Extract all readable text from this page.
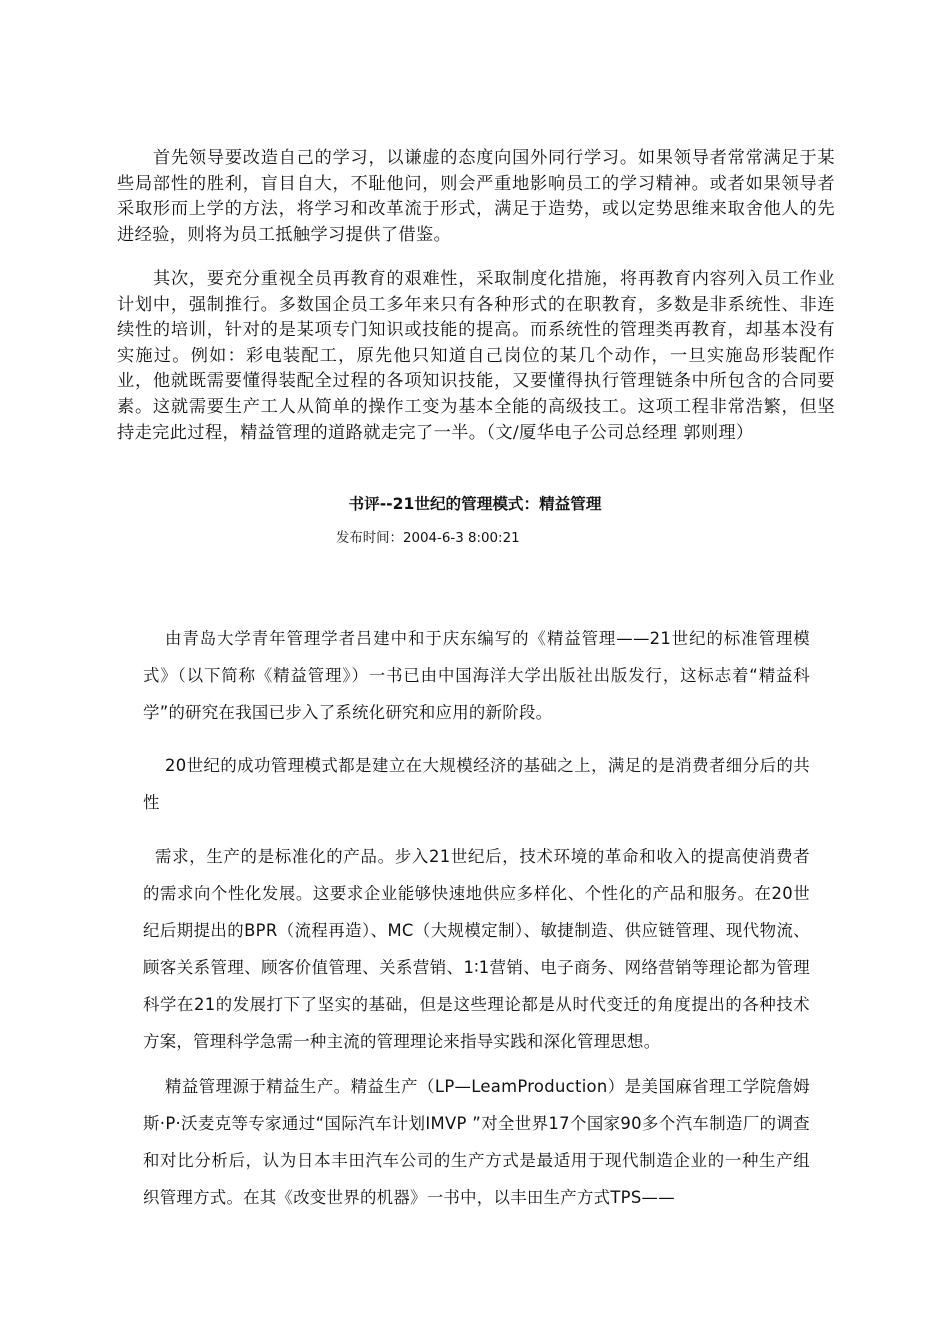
首先领导要改造自己的学习，以谦虚的态度向国外同行学习。如果领导者常常满足于某些局部性的胜利，盲目自大，不耻他问，则会严重地影响员工的学习精神。或者如果领导者采取形而上学的方法，将学习和改革流于形式，满足于造势，或以定势思维来取舍他人的先进经验，则将为员工抵触学习提供了借鉴。

其次，要充分重视全员再教育的艰难性，采取制度化措施，将再教育内容列入员工作业计划中，强制推行。多数国企员工多年来只有各种形式的在职教育，多数是非系统性、非连续性的培训，针对的是某项专门知识或技能的提高。而系统性的管理类再教育，却基本没有实施过。例如：彩电装配工，原先他只知道自己岗位的某几个动作，一旦实施岛形装配作业，他就既需要懂得装配全过程的各项知识技能，又要懂得执行管理链条中所包含的合同要素。这就需要生产工人从简单的操作工变为基本全能的高级技工。这项工程非常浩繁，但坚持走完此过程，精益管理的道路就走完了一半。（文/厦华电子公司总经理 郭则理）

书评--21世纪的管理模式：精益管理

发布时间：2004-6-3 8:00:21

由青岛大学青年管理学者吕建中和于庆东编写的《精益管理——21世纪的标准管理模式》（以下简称《精益管理》）一书已由中国海洋大学出版社出版发行，这标志着“精益科学”的研究在我国已步入了系统化研究和应用的新阶段。

20世纪的成功管理模式都是建立在大规模经济的基础之上，满足的是消费者细分后的共性

需求，生产的是标准化的产品。步入21世纪后，技术环境的革命和收入的提高使消费者的需求向个性化发展。这要求企业能够快速地供应多样化、个性化的产品和服务。在20世纪后期提出的BPR（流程再造）、MC（大规模定制）、敏捷制造、供应链管理、现代物流、顾客关系管理、顾客价值管理、关系营销、1∶1营销、电子商务、网络营销等理论都为管理科学在21的发展打下了坚实的基础，但是这些理论都是从时代变迁的角度提出的各种技术方案，管理科学急需一种主流的管理理论来指导实践和深化管理思想。

精益管理源于精益生产。精益生产（LP—LeamProduction）是美国麻省理工学院詹姆斯·P·沃麦克等专家通过“国际汽车计划IMVP ”对全世界17个国家90多个汽车制造厂的调查和对比分析后，认为日本丰田汽车公司的生产方式是最适用于现代制造企业的一种生产组织管理方式。在其《改变世界的机器》一书中，以丰田生产方式TPS——
